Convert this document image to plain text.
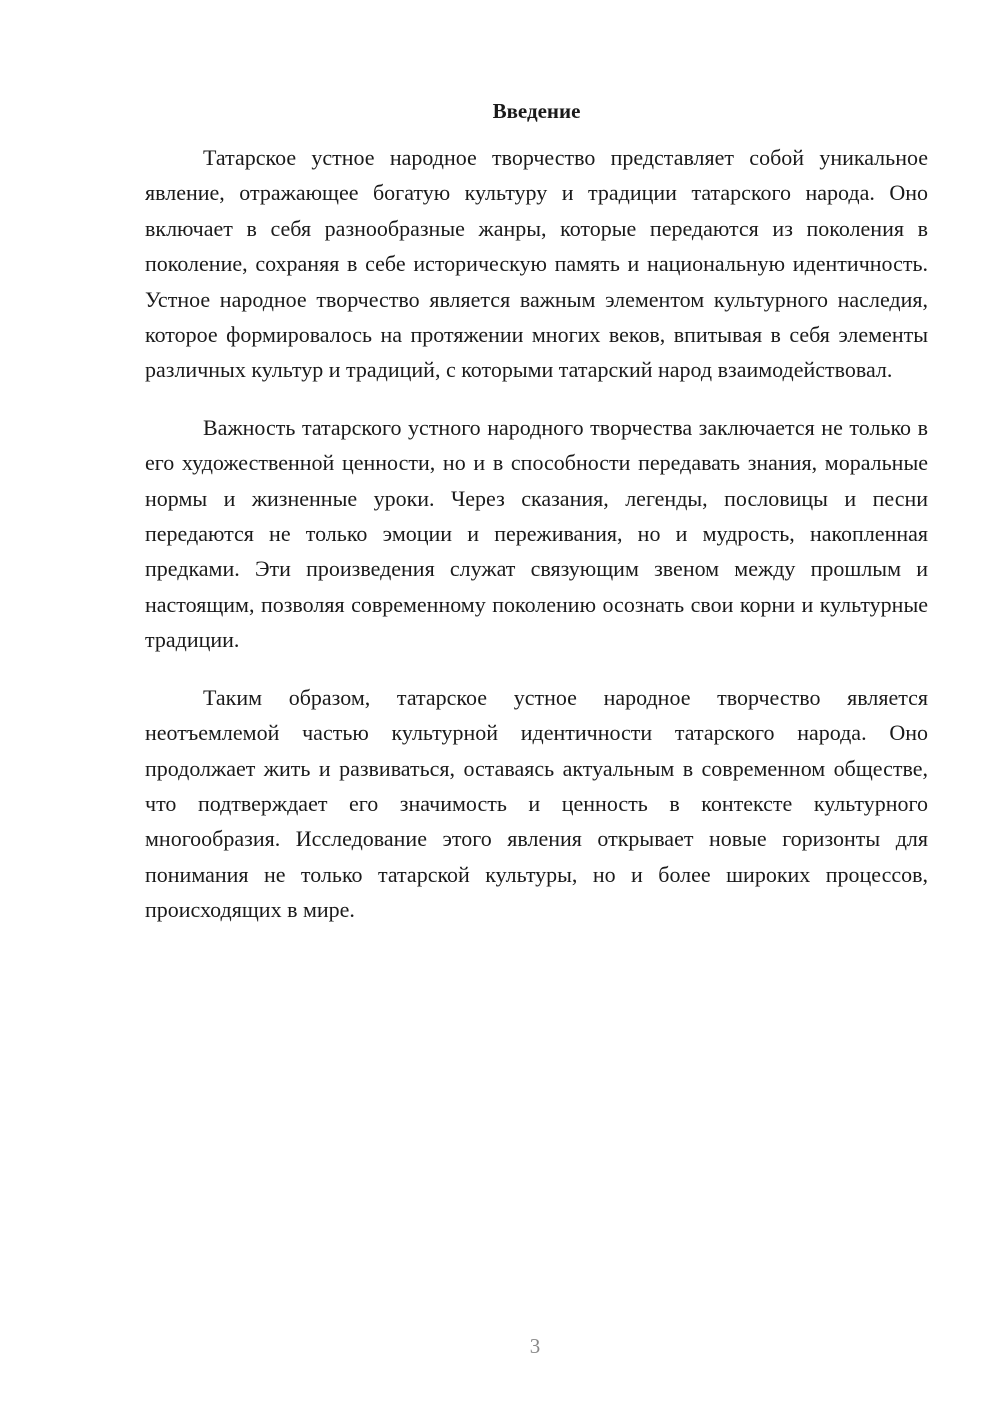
Введение

Татарское устное народное творчество представляет собой уникальное явление, отражающее богатую культуру и традиции татарского народа. Оно включает в себя разнообразные жанры, которые передаются из поколения в поколение, сохраняя в себе историческую память и национальную идентичность. Устное народное творчество является важным элементом культурного наследия, которое формировалось на протяжении многих веков, впитывая в себя элементы различных культур и традиций, с которыми татарский народ взаимодействовал.

Важность татарского устного народного творчества заключается не только в его художественной ценности, но и в способности передавать знания, моральные нормы и жизненные уроки. Через сказания, легенды, пословицы и песни передаются не только эмоции и переживания, но и мудрость, накопленная предками. Эти произведения служат связующим звеном между прошлым и настоящим, позволяя современному поколению осознать свои корни и культурные традиции.

Таким образом, татарское устное народное творчество является неотъемлемой частью культурной идентичности татарского народа. Оно продолжает жить и развиваться, оставаясь актуальным в современном обществе, что подтверждает его значимость и ценность в контексте культурного многообразия. Исследование этого явления открывает новые горизонты для понимания не только татарской культуры, но и более широких процессов, происходящих в мире.

3
